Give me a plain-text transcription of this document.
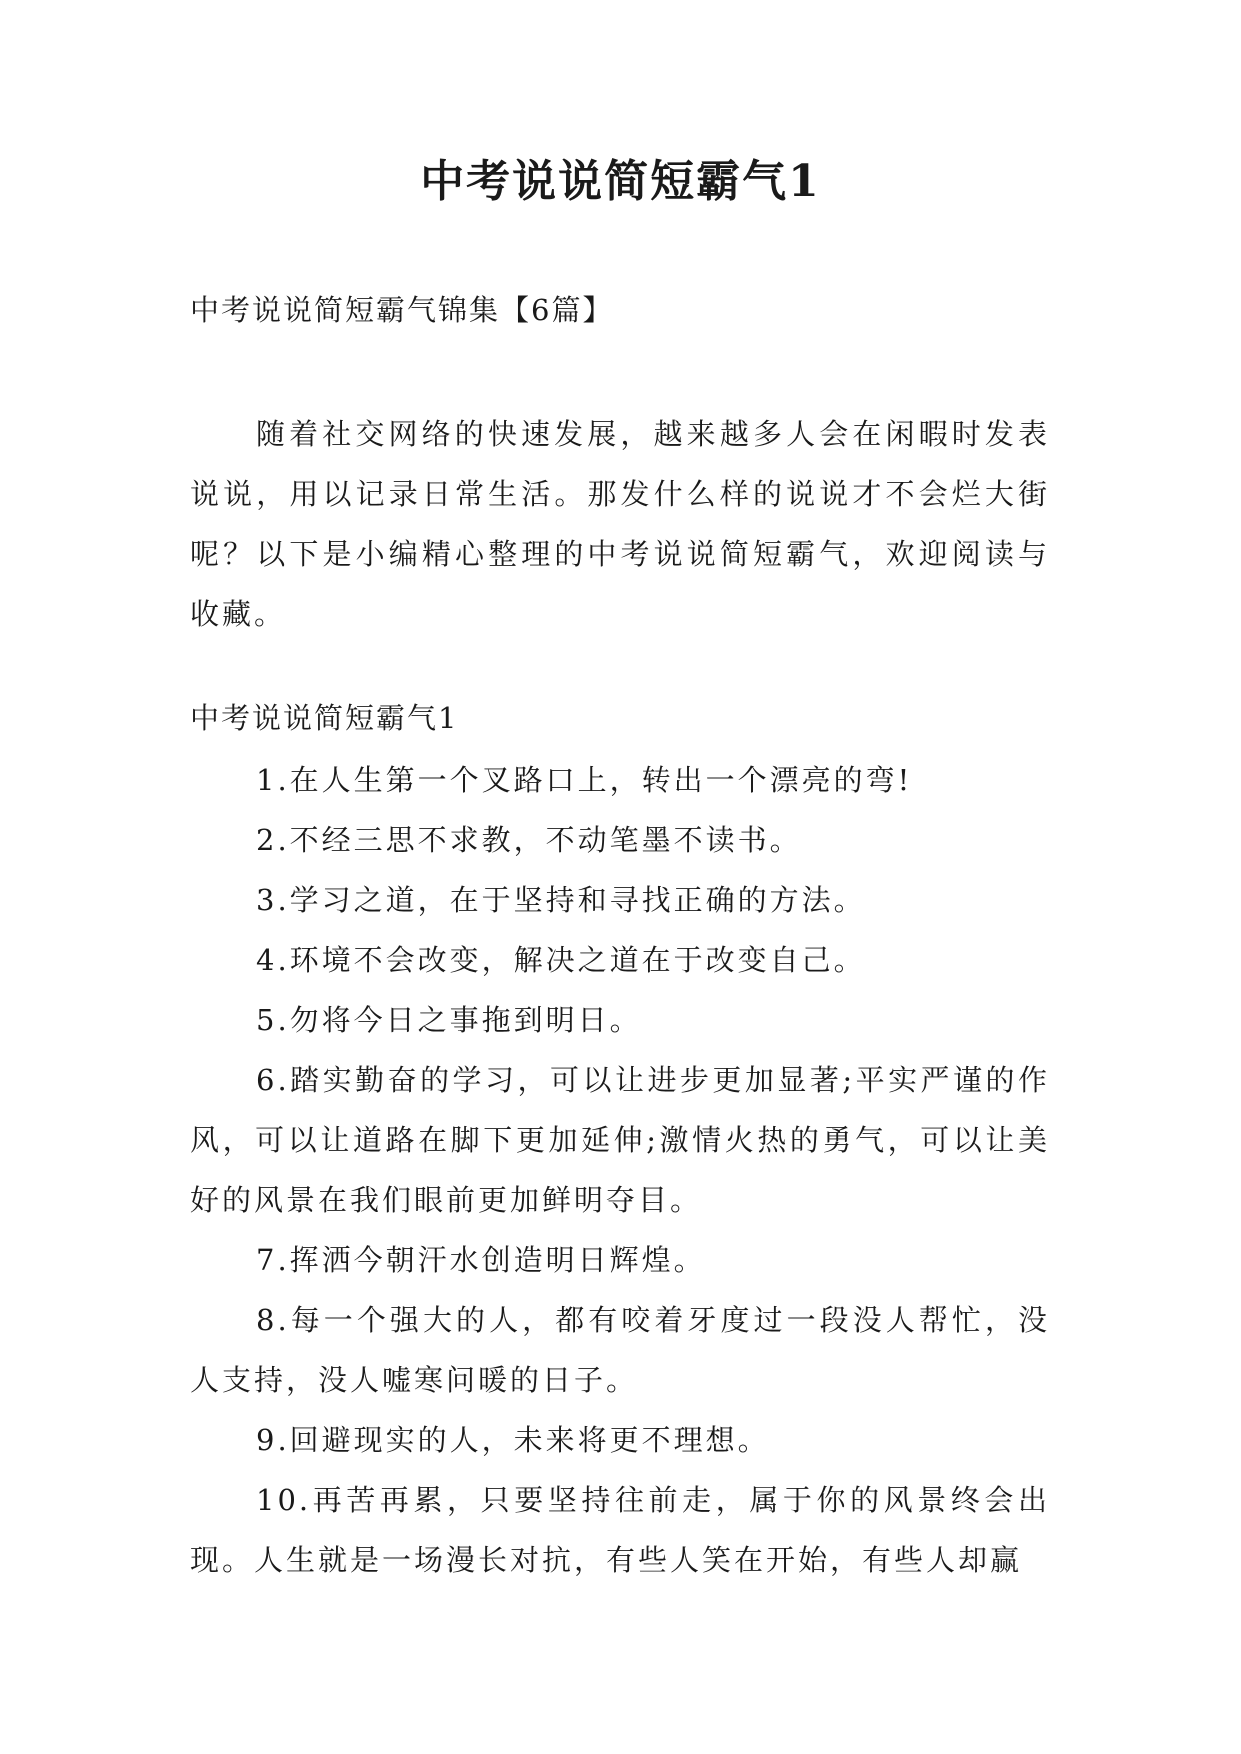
中考说说简短霸气1
中考说说简短霸气锦集【6篇】

随着社交网络的快速发展，越来越多人会在闲暇时发表说说，用以记录日常生活。那发什么样的说说才不会烂大街呢？以下是小编精心整理的中考说说简短霸气，欢迎阅读与收藏。

中考说说简短霸气1

1.在人生第一个叉路口上，转出一个漂亮的弯!

2.不经三思不求教，不动笔墨不读书。

3.学习之道，在于坚持和寻找正确的方法。

4.环境不会改变，解决之道在于改变自己。

5.勿将今日之事拖到明日。

6.踏实勤奋的学习，可以让进步更加显著;平实严谨的作风，可以让道路在脚下更加延伸;激情火热的勇气，可以让美好的风景在我们眼前更加鲜明夺目。

7.挥洒今朝汗水创造明日辉煌。

8.每一个强大的人，都有咬着牙度过一段没人帮忙，没人支持，没人嘘寒问暖的日子。

9.回避现实的人，未来将更不理想。

10.再苦再累，只要坚持往前走，属于你的风景终会出现。人生就是一场漫长对抗，有些人笑在开始，有些人却赢
